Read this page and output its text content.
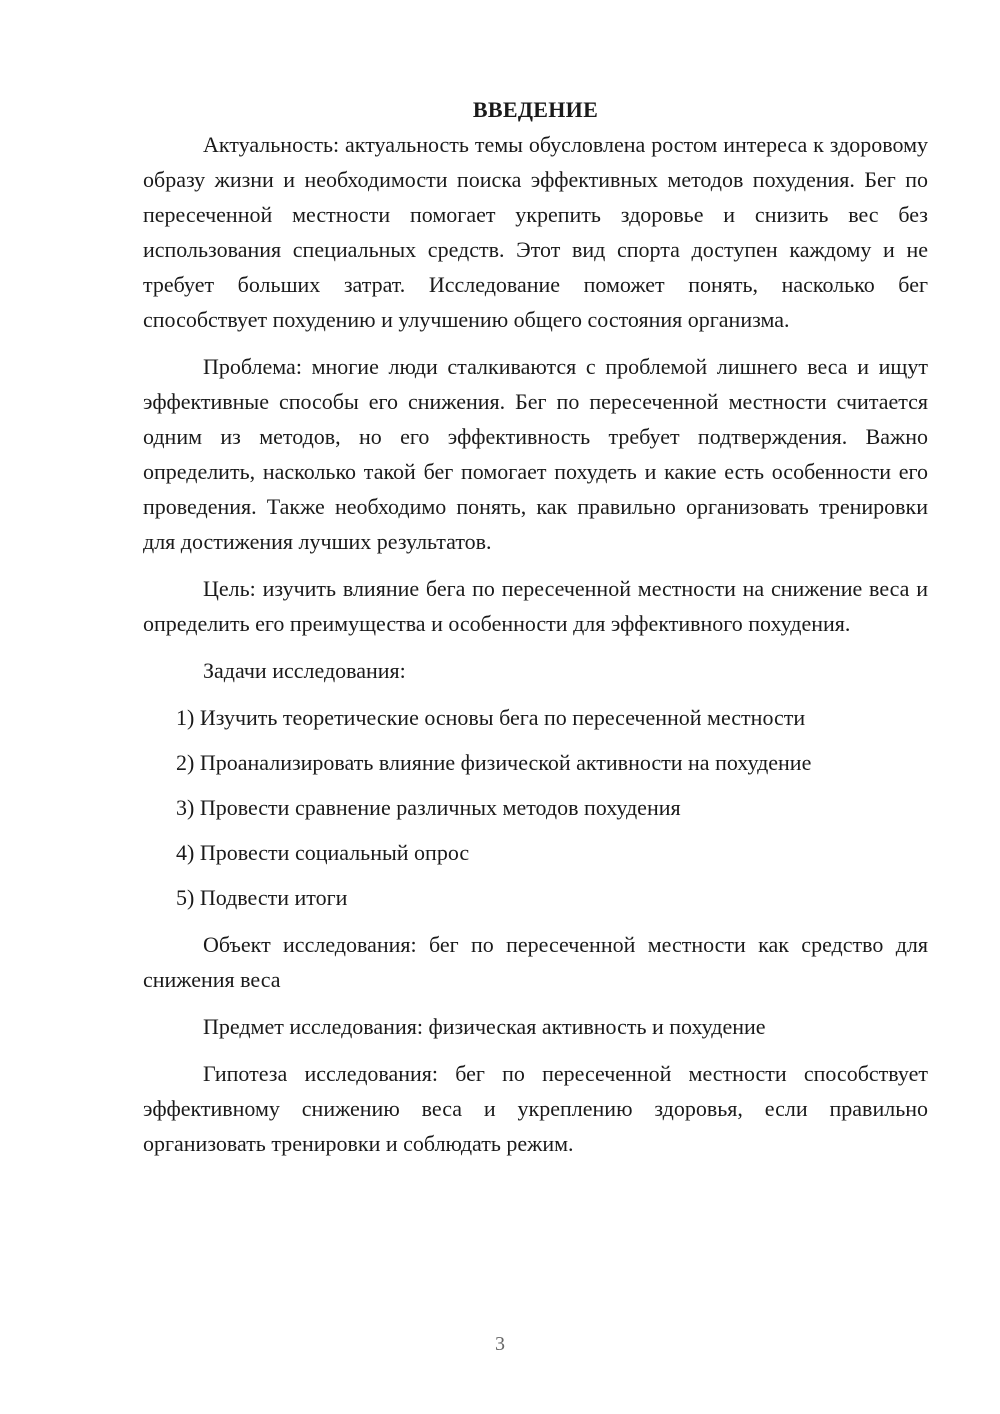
ВВЕДЕНИЕ

Актуальность: актуальность темы обусловлена ростом интереса к здоровому образу жизни и необходимости поиска эффективных методов похудения. Бег по пересеченной местности помогает укрепить здоровье и снизить вес без использования специальных средств. Этот вид спорта доступен каждому и не требует больших затрат. Исследование поможет понять, насколько бег способствует похудению и улучшению общего состояния организма.

Проблема: многие люди сталкиваются с проблемой лишнего веса и ищут эффективные способы его снижения. Бег по пересеченной местности считается одним из методов, но его эффективность требует подтверждения. Важно определить, насколько такой бег помогает похудеть и какие есть особенности его проведения. Также необходимо понять, как правильно организовать тренировки для достижения лучших результатов.

Цель: изучить влияние бега по пересеченной местности на снижение веса и определить его преимущества и особенности для эффективного похудения.

Задачи исследования:

1) Изучить теоретические основы бега по пересеченной местности
2) Проанализировать влияние физической активности на похудение
3) Провести сравнение различных методов похудения
4) Провести социальный опрос
5) Подвести итоги

Объект исследования: бег по пересеченной местности как средство для снижения веса

Предмет исследования: физическая активность и похудение

Гипотеза исследования: бег по пересеченной местности способствует эффективному снижению веса и укреплению здоровья, если правильно организовать тренировки и соблюдать режим.

3
